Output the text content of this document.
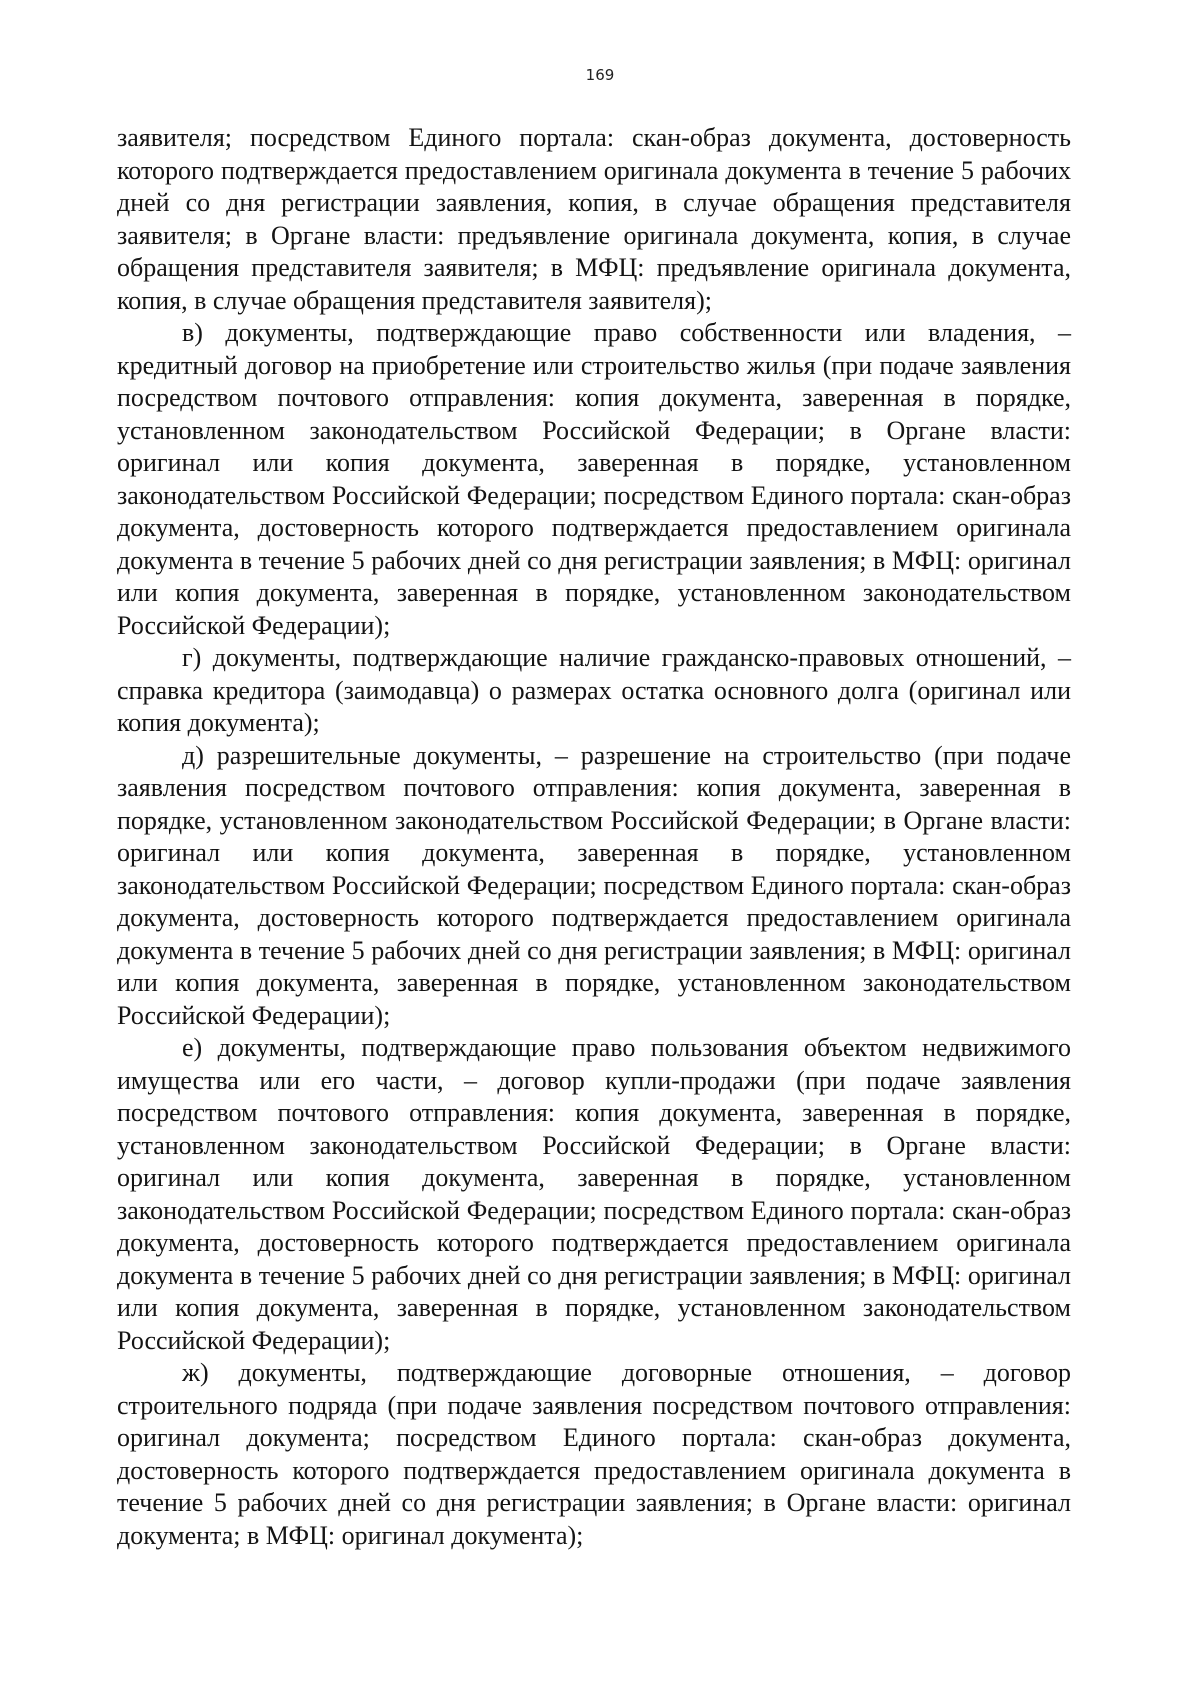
169

заявителя; посредством Единого портала: скан-образ документа, достоверность которого подтверждается предоставлением оригинала документа в течение 5 рабочих дней со дня регистрации заявления, копия, в случае обращения представителя заявителя; в Органе власти: предъявление оригинала документа, копия, в случае обращения представителя заявителя; в МФЦ: предъявление оригинала документа, копия, в случае обращения представителя заявителя);

в) документы, подтверждающие право собственности или владения, – кредитный договор на приобретение или строительство жилья (при подаче заявления посредством почтового отправления: копия документа, заверенная в порядке, установленном законодательством Российской Федерации; в Органе власти: оригинал или копия документа, заверенная в порядке, установленном законодательством Российской Федерации; посредством Единого портала: скан-образ документа, достоверность которого подтверждается предоставлением оригинала документа в течение 5 рабочих дней со дня регистрации заявления; в МФЦ: оригинал или копия документа, заверенная в порядке, установленном законодательством Российской Федерации);

г) документы, подтверждающие наличие гражданско-правовых отношений, – справка кредитора (заимодавца) о размерах остатка основного долга (оригинал или копия документа);

д) разрешительные документы, – разрешение на строительство (при подаче заявления посредством почтового отправления: копия документа, заверенная в порядке, установленном законодательством Российской Федерации; в Органе власти: оригинал или копия документа, заверенная в порядке, установленном законодательством Российской Федерации; посредством Единого портала: скан-образ документа, достоверность которого подтверждается предоставлением оригинала документа в течение 5 рабочих дней со дня регистрации заявления; в МФЦ: оригинал или копия документа, заверенная в порядке, установленном законодательством Российской Федерации);

е) документы, подтверждающие право пользования объектом недвижимого имущества или его части, – договор купли-продажи (при подаче заявления посредством почтового отправления: копия документа, заверенная в порядке, установленном законодательством Российской Федерации; в Органе власти: оригинал или копия документа, заверенная в порядке, установленном законодательством Российской Федерации; посредством Единого портала: скан-образ документа, достоверность которого подтверждается предоставлением оригинала документа в течение 5 рабочих дней со дня регистрации заявления; в МФЦ: оригинал или копия документа, заверенная в порядке, установленном законодательством Российской Федерации);

ж) документы, подтверждающие договорные отношения, – договор строительного подряда (при подаче заявления посредством почтового отправления: оригинал документа; посредством Единого портала: скан-образ документа, достоверность которого подтверждается предоставлением оригинала документа в течение 5 рабочих дней со дня регистрации заявления; в Органе власти: оригинал документа; в МФЦ: оригинал документа);
